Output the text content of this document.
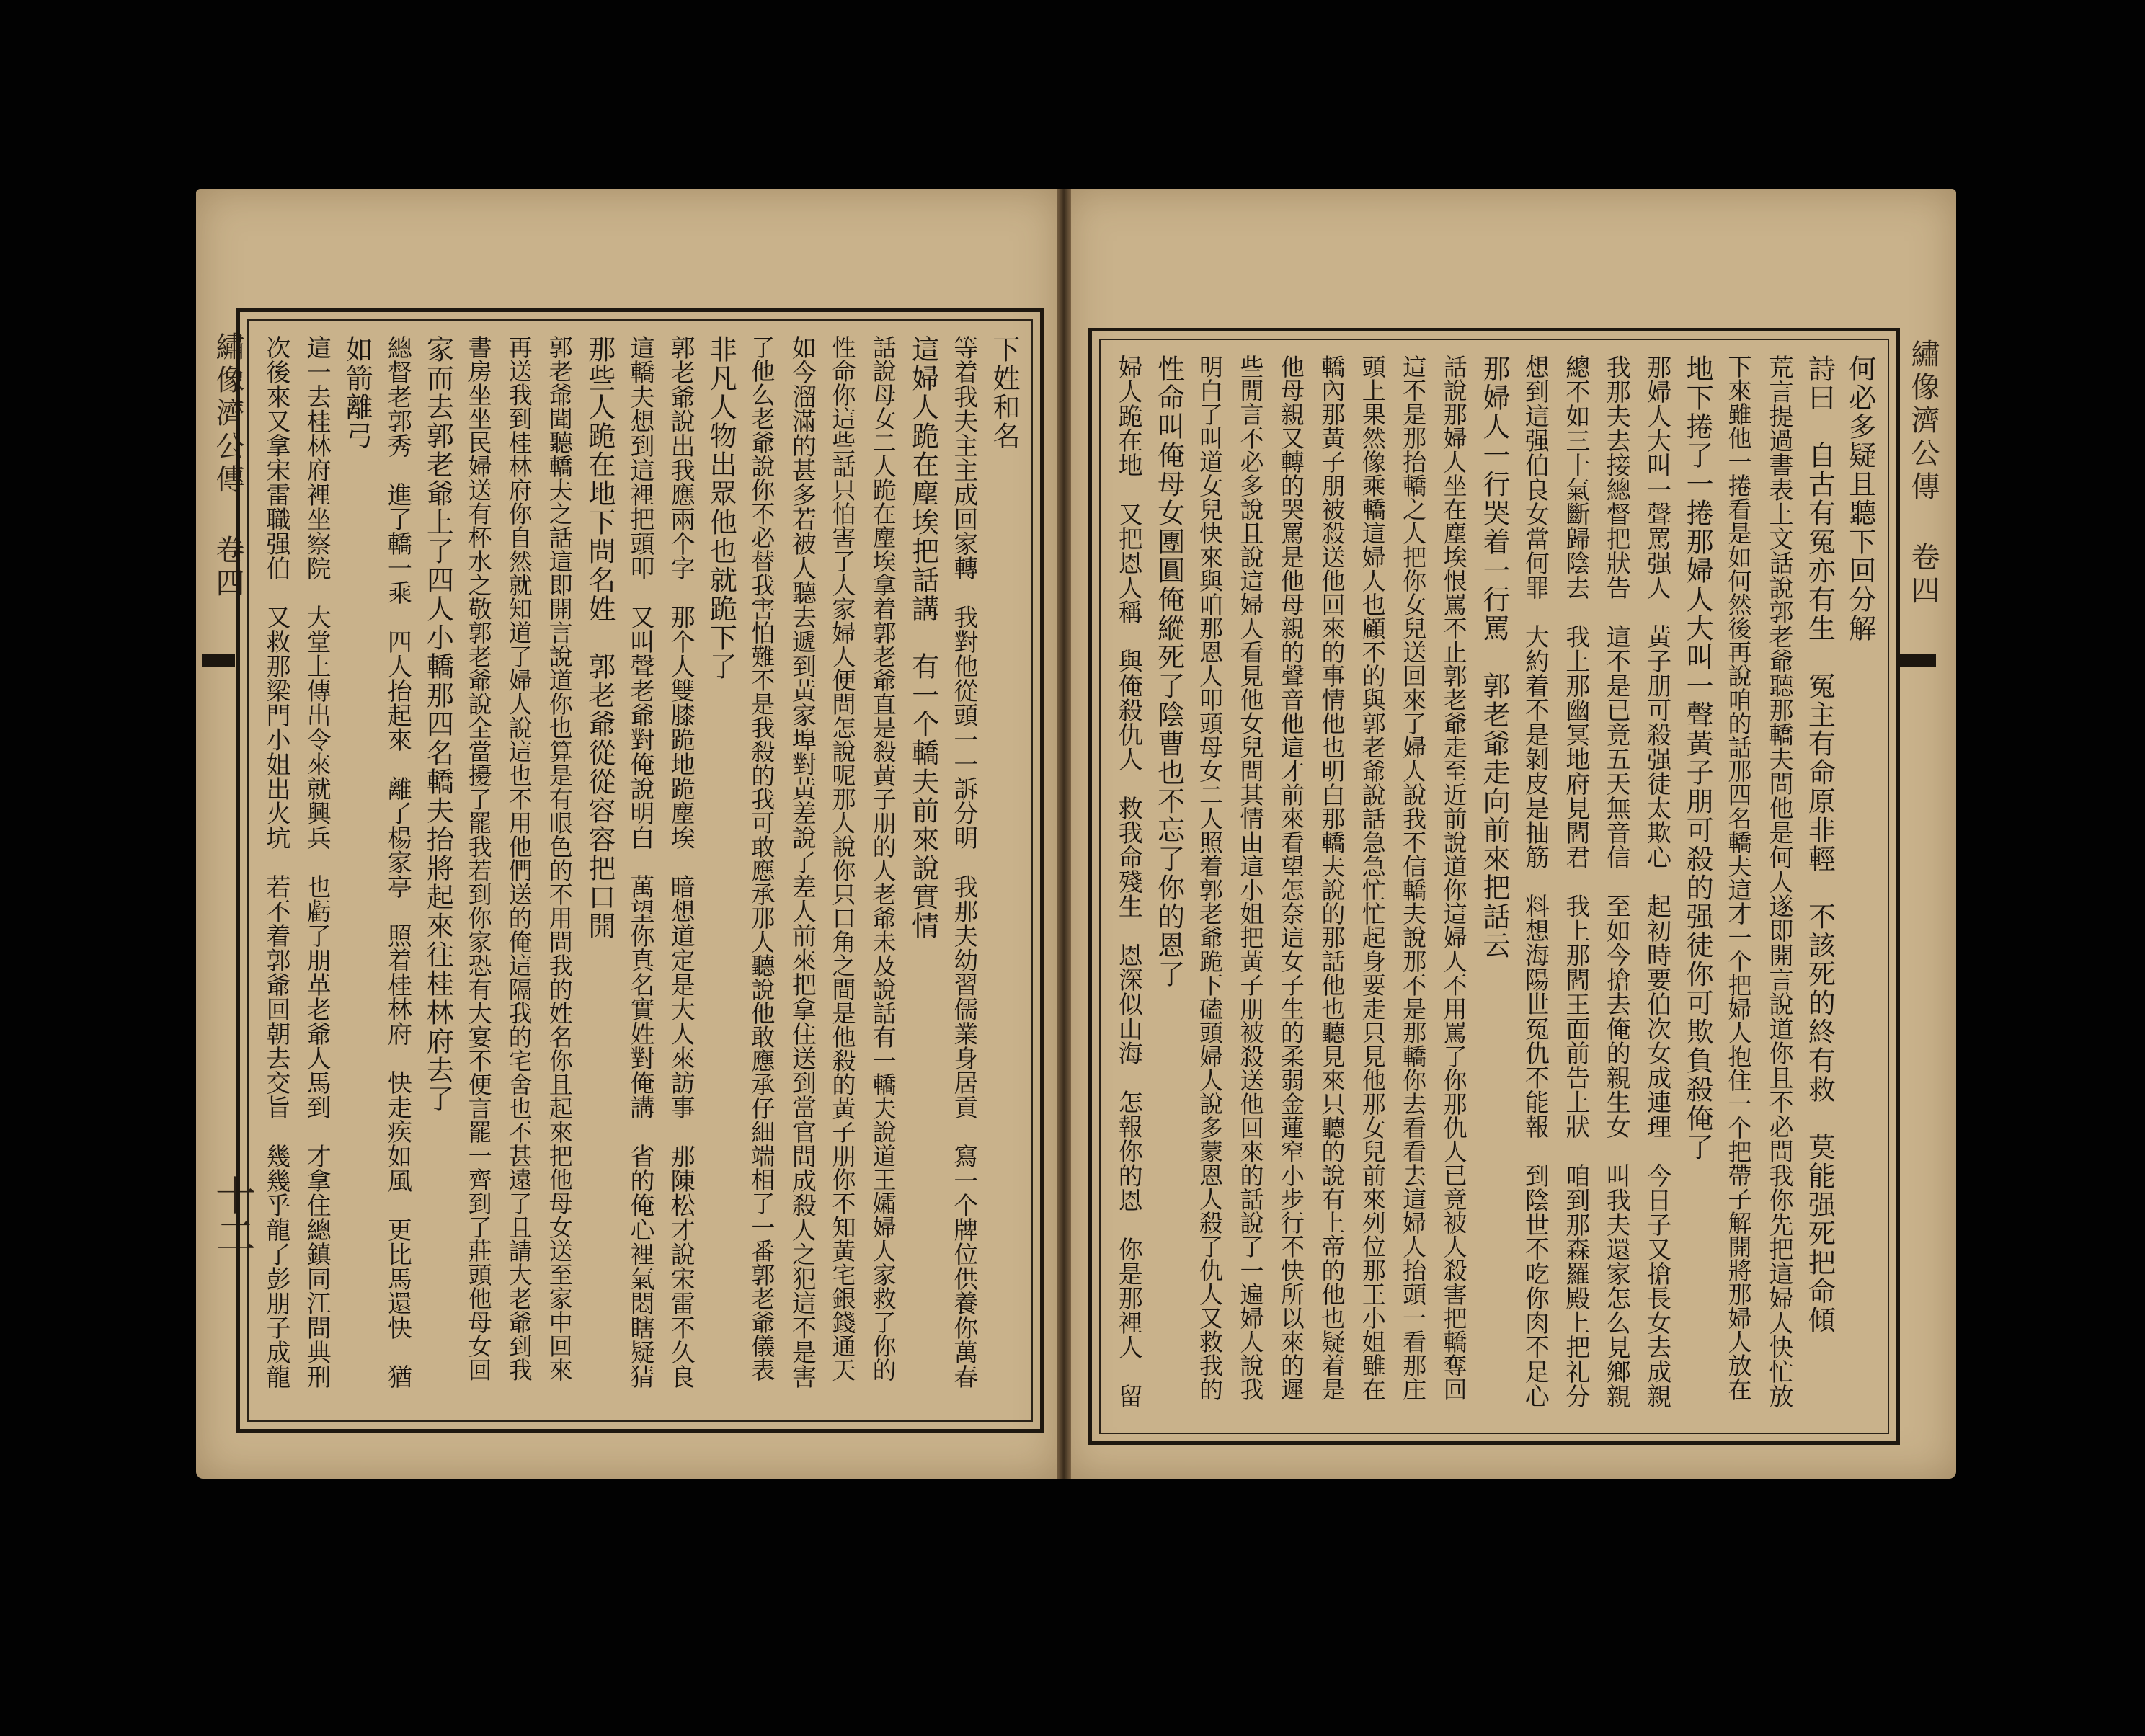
繡像濟公傳 卷四
十二
繡像濟公傳 卷四
下姓和名
等着我夫主主成回家轉　我對他從頭一一訴分明　我那夫幼習儒業身居貢　寫一个牌位供養你萬春
這婦人跪在塵埃把話講　有一个轎夫前來說實情
話說母女二人跪在塵埃拿着郭老爺直是殺黃子朋的人老爺未及說話有一轎夫說道王孀婦人家救了你的
性命你這些話只怕害了人家婦人便問怎說呢那人說你只口角之間是他殺的黃子朋你不知黃宅銀錢通天
如今溜滿的甚多若被人聽去遞到黃家埠對黃差說了差人前來把拿住送到當官問成殺人之犯這不是害
了他么老爺說你不必替我害怕難不是我殺的我可敢應承那人聽說他敢應承仔細端相了一番郭老爺儀表
非凡人物出眾他也就跪下了
郭老爺說出我應兩个字　那个人雙膝跪地跪塵埃　暗想道定是大人來訪事　那陳松才說宋雷不久良
這轎夫想到這裡把頭叩　又叫聲老爺對俺說明白　萬望你真名實姓對俺講　省的俺心裡氣悶瞎疑猜
那些人跪在地下問名姓　郭老爺從從容容把口開
郭老爺聞聽轎夫之話這即開言說道你也算是有眼色的不用問我的姓名你且起來把他母女送至家中回來
再送我到桂林府你自然就知道了婦人說這也不用他們送的俺這隔我的宅舍也不甚遠了且請大老爺到我
書房坐坐民婦送有杯水之敬郭老爺說全當擾了罷我若到你家恐有大宴不便言罷一齊到了莊頭他母女回
家而去郭老爺上了四人小轎那四名轎夫抬將起來往桂林府去了
總督老郭秀　進了轎一乘　四人抬起來　離了楊家亭　照着桂林府　快走疾如風　更比馬還快　猶
如箭離弓
這一去桂林府裡坐察院　大堂上傳出令來就興兵　也虧了朋革老爺人馬到　才拿住總鎮同江問典刑
次後來又拿宋雷職强伯　又救那梁門小姐出火坑　若不着郭爺回朝去交旨　幾幾乎龍了彭朋子成龍	何必多疑且聽下回分解
詩曰　自古有冤亦有生　冤主有命原非輕　不該死的終有救　莫能强死把命傾
荒言提過書表上文話說郭老爺聽那轎夫問他是何人遂即開言說道你且不必問我你先把這婦人快忙放
下來雖他一捲看是如何然後再說咱的話那四名轎夫這才一个把婦人抱住一个把帶子解開將那婦人放在
地下捲了一捲那婦人大叫一聲黃子朋可殺的强徒你可欺負殺俺了
那婦人大叫一聲罵强人　黃子朋可殺强徒太欺心　起初時要伯次女成連理　今日子又搶長女去成親
我那夫去接總督把狀告　這不是已竟五天無音信　至如今搶去俺的親生女　叫我夫還家怎么見鄉親
總不如三十氣斷歸陰去　我上那幽冥地府見閻君　我上那閻王面前告上狀　咱到那森羅殿上把礼分
想到這强伯良女當何罪　大約着不是剝皮是抽筋　料想海陽世冤仇不能報　到陰世不吃你肉不足心
那婦人一行哭着一行罵　郭老爺走向前來把話云
話說那婦人坐在塵埃恨罵不止郭老爺走至近前說道你這婦人不用罵了你那仇人已竟被人殺害把轎奪回
這不是那抬轎之人把你女兒送回來了婦人說我不信轎夫說那不是那轎你去看看去這婦人抬頭一看那庄
頭上果然像乘轎這婦人也顧不的與郭老爺說話急急忙忙起身要走只見他那女兒前來列位那王小姐雖在
轎內那黃子朋被殺送他回來的事情他也明白那轎夫說的那話他也聽見來只聽的說有上帝的他也疑着是
他母親又轉的哭罵是他母親的聲音他這才前來看望怎奈這女子生的柔弱金蓮窄小步行不快所以來的遲
些閒言不必多說且說這婦人看見他女兒問其情由這小姐把黃子朋被殺送他回來的話說了一遍婦人說我
明白了叫道女兒快來與咱那恩人叩頭母女二人照着郭老爺跪下磕頭婦人說多蒙恩人殺了仇人又救我的
性命叫俺母女團圓俺縱死了陰曹也不忘了你的恩了
婦人跪在地　又把恩人稱　與俺殺仇人　救我命殘生　恩深似山海　怎報你的恩　你是那裡人　留
